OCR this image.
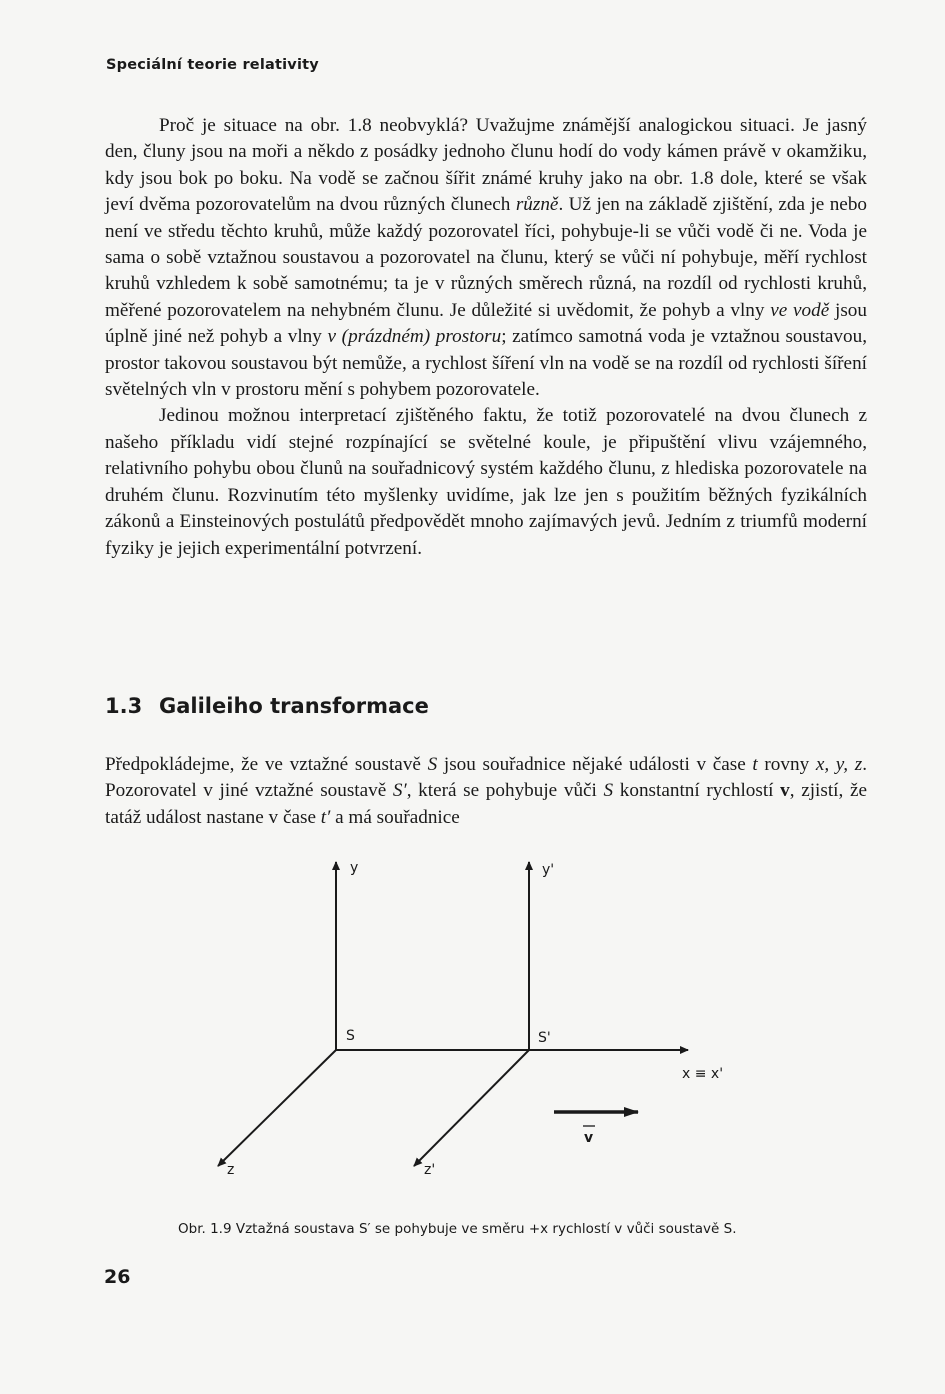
Speciální teorie relativity

Proč je situace na obr. 1.8 neobvyklá? Uvažujme známější analogickou situaci. Je jasný den, čluny jsou na moři a někdo z posádky jednoho člunu hodí do vody kámen právě v okamžiku, kdy jsou bok po boku. Na vodě se začnou šířit známé kruhy jako na obr. 1.8 dole, které se však jeví dvěma pozorovatelům na dvou různých člunech různě. Už jen na základě zjištění, zda je nebo není ve středu těchto kruhů, může každý pozorovatel říci, pohybuje-li se vůči vodě či ne. Voda je sama o sobě vztažnou soustavou a pozorovatel na člunu, který se vůči ní pohybuje, měří rychlost kruhů vzhledem k sobě samotnému; ta je v různých směrech různá, na rozdíl od rychlosti kruhů, měřené pozorovatelem na nehybném člunu. Je důležité si uvědomit, že pohyb a vlny ve vodě jsou úplně jiné než pohyb a vlny v (prázdném) prostoru; zatímco samotná voda je vztažnou soustavou, prostor takovou soustavou být nemůže, a rychlost šíření vln na vodě se na rozdíl od rychlosti šíření světelných vln v prostoru mění s pohybem pozorovatele.

Jedinou možnou interpretací zjištěného faktu, že totiž pozorovatelé na dvou člunech z našeho příkladu vidí stejné rozpínající se světelné koule, je připuštění vlivu vzájemného, relativního pohybu obou člunů na souřadnicový systém každého člunu, z hlediska pozorovatele na druhém člunu. Rozvinutím této myšlenky uvidíme, jak lze jen s použitím běžných fyzikálních zákonů a Einsteinových postulátů předpovědět mnoho zajímavých jevů. Jedním z triumfů moderní fyziky je jejich experimentální potvrzení.

1.3 Galileiho transformace

Předpokládejme, že ve vztažné soustavě S jsou souřadnice nějaké události v čase t rovny x, y, z. Pozorovatel v jiné vztažné soustavě S′, která se pohybuje vůči S konstantní rychlostí v, zjistí, že tatáž událost nastane v čase t′ a má souřadnice

y	y'
S	S'
x ≡ x'
z	z'
v
Obr. 1.9 Vztažná soustava S′ se pohybuje ve směru +x rychlostí v vůči soustavě S.
26
